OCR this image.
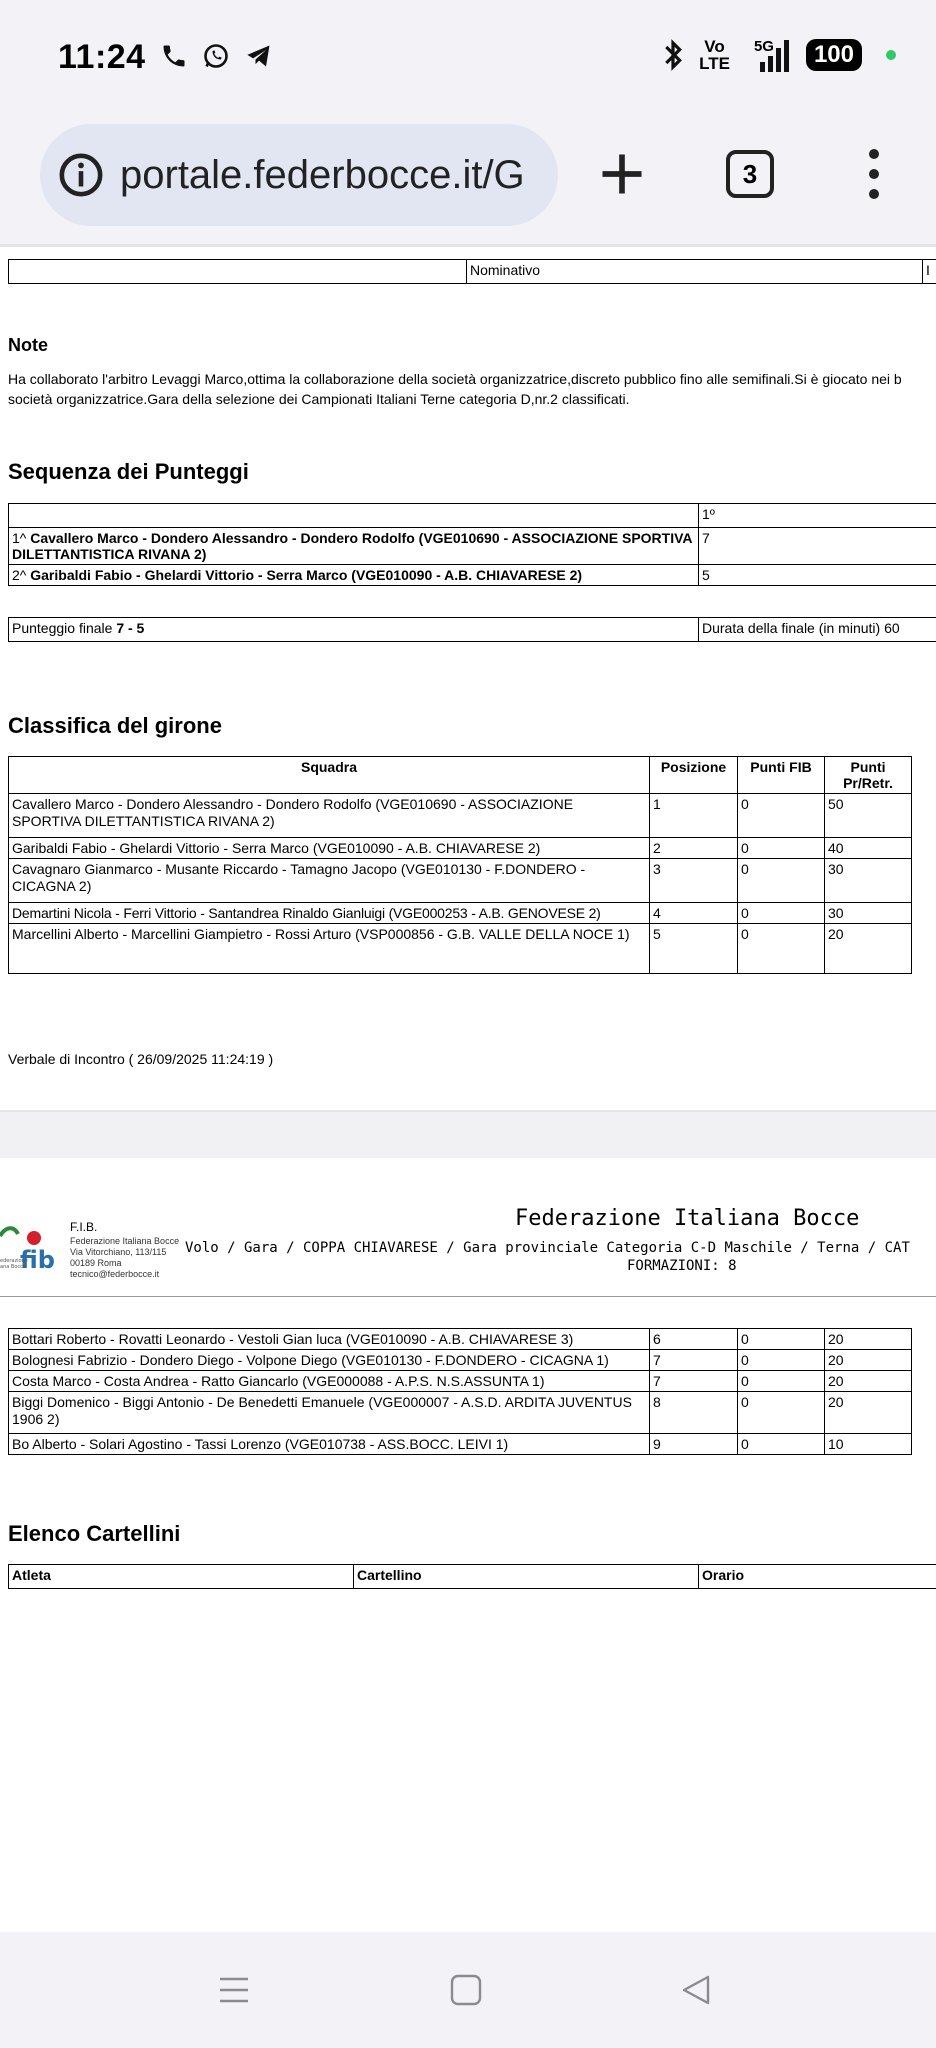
11:24	Vo
LTE
5G	100
portale.federbocce.it/G	3
	Nominativo	I
Note
Ha collaborato l'arbitro Levaggi Marco,ottima la collaborazione della società organizzatrice,discreto pubblico fino alle semifinali.Si è giocato nei b
società organizzatrice.Gara della selezione dei Campionati Italiani Terne categoria D,nr.2 classificati.
Sequenza dei Punteggi
	1º
1^ Cavallero Marco - Dondero Alessandro - Dondero Rodolfo (VGE010690 - ASSOCIAZIONE SPORTIVA DILETTANTISTICA RIVANA 2)	7
2^ Garibaldi Fabio - Ghelardi Vittorio - Serra Marco (VGE010090 - A.B. CHIAVARESE 2)	5
Punteggio finale 7 - 5	Durata della finale (in minuti) 60
Classifica del girone
Squadra	Posizione	Punti FIB	Punti Pr/Retr.
Cavallero Marco - Dondero Alessandro - Dondero Rodolfo (VGE010690 - ASSOCIAZIONE SPORTIVA DILETTANTISTICA RIVANA 2)	1	0	50
Garibaldi Fabio - Ghelardi Vittorio - Serra Marco (VGE010090 - A.B. CHIAVARESE 2)	2	0	40
Cavagnaro Gianmarco - Musante Riccardo - Tamagno Jacopo (VGE010130 - F.DONDERO - CICAGNA 2)	3	0	30
Demartini Nicola - Ferri Vittorio - Santandrea Rinaldo Gianluigi (VGE000253 - A.B. GENOVESE 2)	4	0	30
Marcellini Alberto - Marcellini Giampietro - Rossi Arturo (VSP000856 - G.B. VALLE DELLA NOCE 1)	5	0	20
Verbale di Incontro ( 26/09/2025 11:24:19 )
fib
ederazione
ana Bocce
F.I.B.
Federazione Italiana Bocce
Via Vitorchiano, 113/115
00189 Roma
tecnico@federbocce.it
Federazione Italiana Bocce
Volo / Gara / COPPA CHIAVARESE / Gara provinciale Categoria C-D Maschile / Terna / CAT
FORMAZIONI: 8
Bottari Roberto - Rovatti Leonardo - Vestoli Gian luca (VGE010090 - A.B. CHIAVARESE 3)	6	0	20
Bolognesi Fabrizio - Dondero Diego - Volpone Diego (VGE010130 - F.DONDERO - CICAGNA 1)	7	0	20
Costa Marco - Costa Andrea - Ratto Giancarlo (VGE000088 - A.P.S. N.S.ASSUNTA 1)	7	0	20
Biggi Domenico - Biggi Antonio - De Benedetti Emanuele (VGE000007 - A.S.D. ARDITA JUVENTUS 1906 2)	8	0	20
Bo Alberto - Solari Agostino - Tassi Lorenzo (VGE010738 - ASS.BOCC. LEIVI 1)	9	0	10
Elenco Cartellini
Atleta	Cartellino	Orario
